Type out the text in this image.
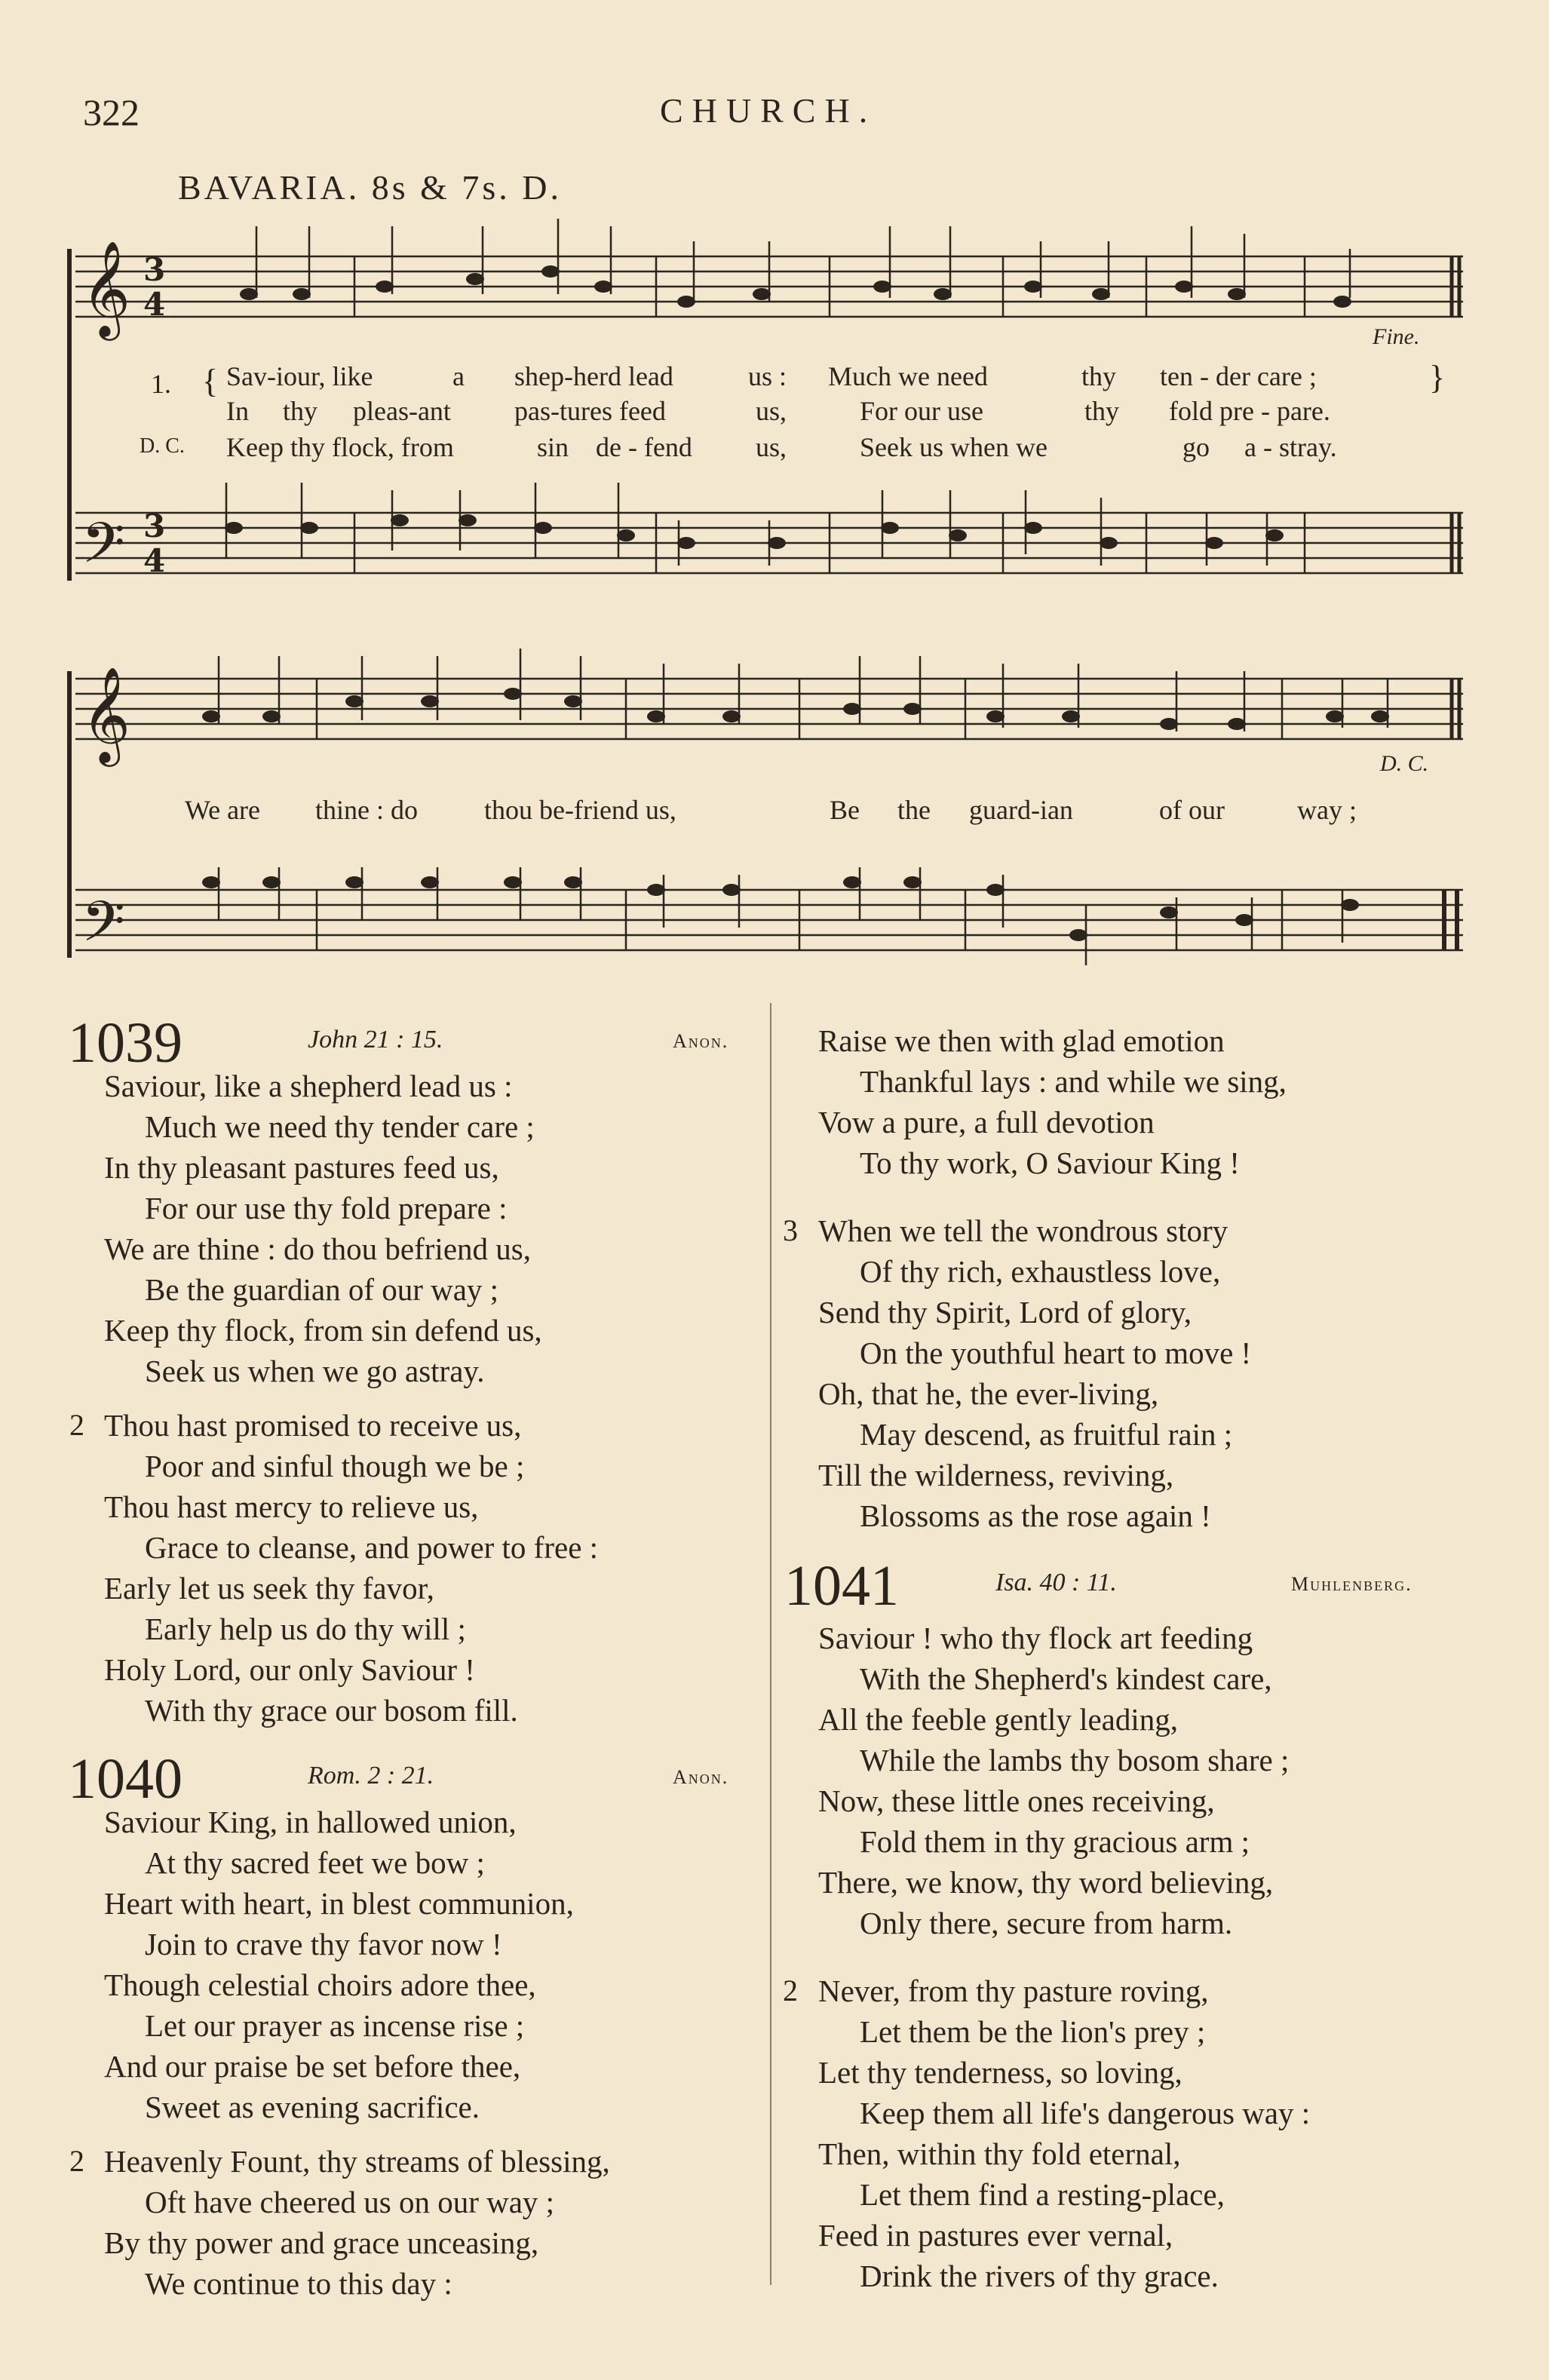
322	CHURCH.
BAVARIA. 8s & 7s. D.
𝄞
𝄢
𝄞
𝄢
3
4
3
4
1. {
D. C.
Sav-iour, like	a shep-herd lead	us : Much we need	thy ten - der care ;
In thy pleas-ant pas-tures feed	us,	For our use	thy fold pre - pare.
Keep thy flock, from	sin de - fend us,	Seek us when we	go a - stray.
}
Fine.
We are thine : do thou be-friend us,	Be the guard-ian	of our	way ;
D. C.
1039	John 21 : 15.	Anon.
Saviour, like a shepherd lead us :
Much we need thy tender care ;
In thy pleasant pastures feed us,
For our use thy fold prepare :
We are thine : do thou befriend us,
Be the guardian of our way ;
Keep thy flock, from sin defend us,
Seek us when we go astray.
2 Thou hast promised to receive us,
Poor and sinful though we be ;
Thou hast mercy to relieve us,
Grace to cleanse, and power to free :
Early let us seek thy favor,
Early help us do thy will ;
Holy Lord, our only Saviour !
With thy grace our bosom fill.
1040	Rom. 2 : 21.	Anon.
Saviour King, in hallowed union,
At thy sacred feet we bow ;
Heart with heart, in blest communion,
Join to crave thy favor now !
Though celestial choirs adore thee,
Let our prayer as incense rise ;
And our praise be set before thee,
Sweet as evening sacrifice.
2 Heavenly Fount, thy streams of blessing,
Oft have cheered us on our way ;
By thy power and grace unceasing,
We continue to this day :
Raise we then with glad emotion
Thankful lays : and while we sing,
Vow a pure, a full devotion
To thy work, O Saviour King !
3 When we tell the wondrous story
Of thy rich, exhaustless love,
Send thy Spirit, Lord of glory,
On the youthful heart to move !
Oh, that he, the ever-living,
May descend, as fruitful rain ;
Till the wilderness, reviving,
Blossoms as the rose again !
1041	Isa. 40 : 11.	Muhlenberg.
Saviour ! who thy flock art feeding
With the Shepherd's kindest care,
All the feeble gently leading,
While the lambs thy bosom share ;
Now, these little ones receiving,
Fold them in thy gracious arm ;
There, we know, thy word believing,
Only there, secure from harm.
2 Never, from thy pasture roving,
Let them be the lion's prey ;
Let thy tenderness, so loving,
Keep them all life's dangerous way :
Then, within thy fold eternal,
Let them find a resting-place,
Feed in pastures ever vernal,
Drink the rivers of thy grace.
